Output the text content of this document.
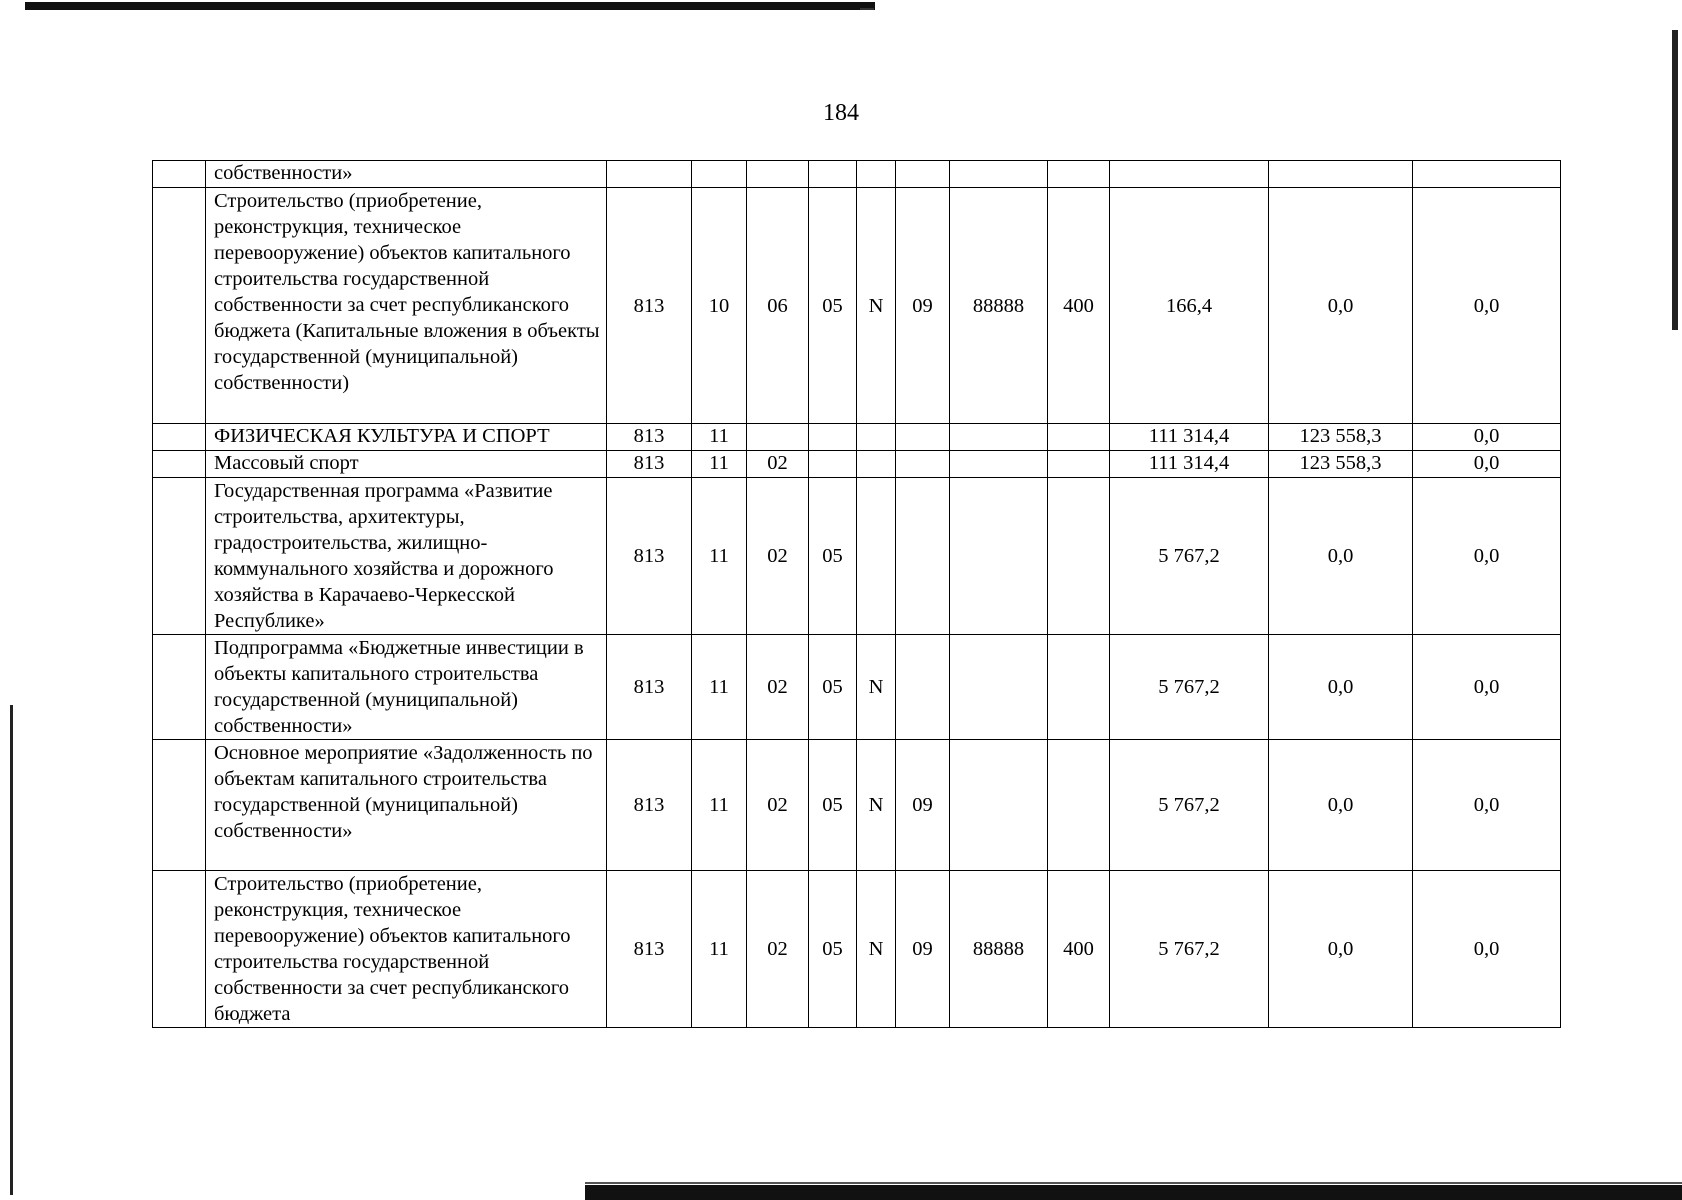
184
	собственности»											
	Строительство (приобретение, реконструкция, техническое перевооружение) объектов капитального строительства государственной собственности за счет республиканского бюджета (Капитальные вложения в объекты государственной (муниципальной) собственности)	813	10	06	05	N	09	88888	400	166,4	0,0	0,0
	ФИЗИЧЕСКАЯ КУЛЬТУРА И СПОРТ	813	11							111 314,4	123 558,3	0,0
	Массовый спорт	813	11	02						111 314,4	123 558,3	0,0
	Государственная программа «Развитие строительства, архитектуры, градостроительства, жилищно-коммунального хозяйства и дорожного хозяйства в Карачаево-Черкесской Республике»	813	11	02	05					5 767,2	0,0	0,0
	Подпрограмма «Бюджетные инвестиции в объекты капитального строительства государственной (муниципальной) собственности»	813	11	02	05	N				5 767,2	0,0	0,0
	Основное мероприятие «Задолженность по объектам капитального строительства государственной (муниципальной) собственности»	813	11	02	05	N	09			5 767,2	0,0	0,0
	Строительство (приобретение, реконструкция, техническое перевооружение) объектов капитального строительства государственной собственности за счет республиканского бюджета	813	11	02	05	N	09	88888	400	5 767,2	0,0	0,0
